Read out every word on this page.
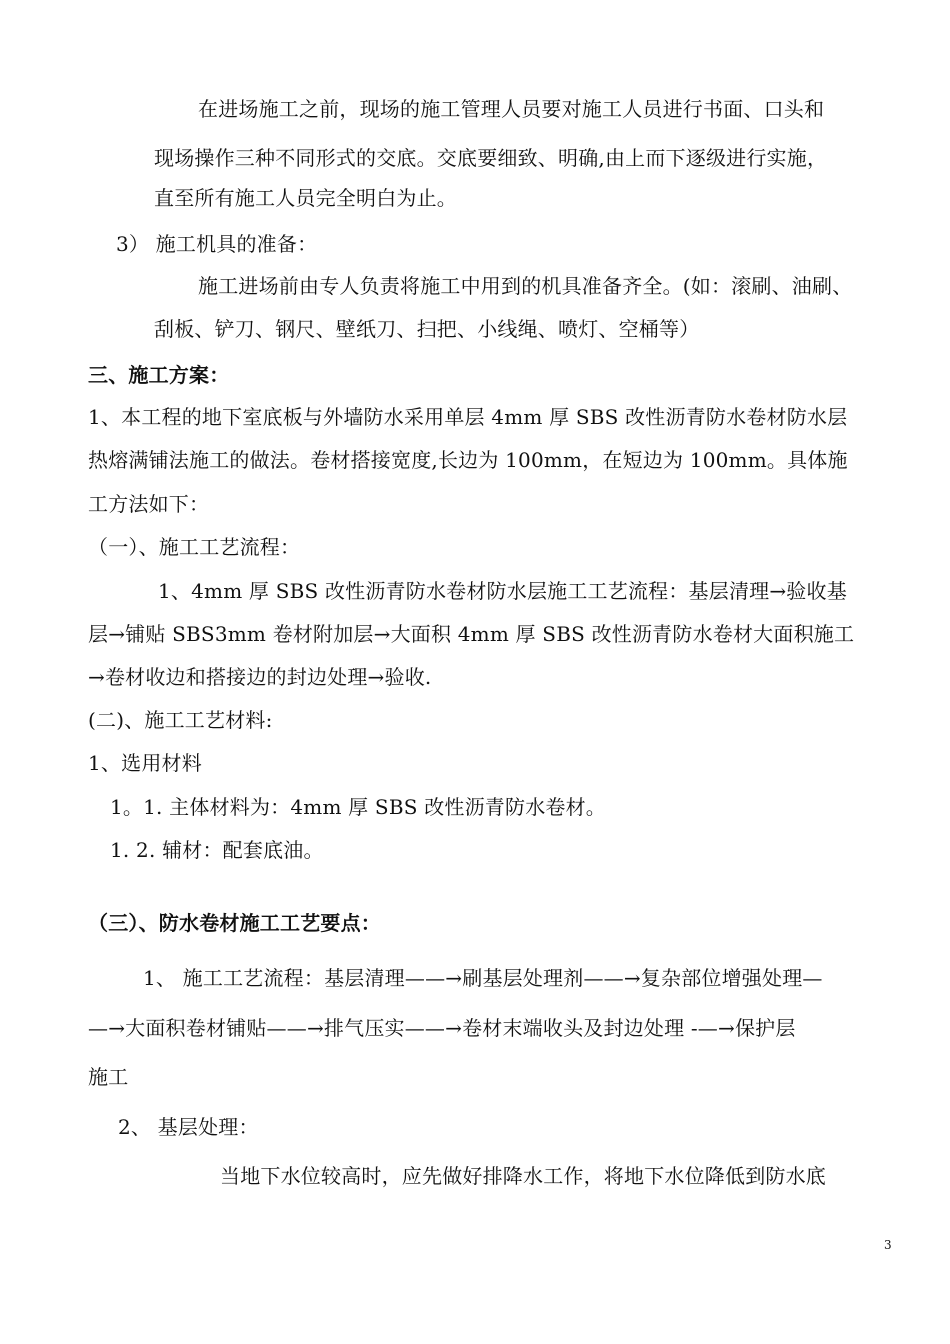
在进场施工之前，现场的施工管理人员要对施工人员进行书面、口头和
现场操作三种不同形式的交底。交底要细致、明确,由上而下逐级进行实施，
直至所有施工人员完全明白为止。
3） 施工机具的准备：
施工进场前由专人负责将施工中用到的机具准备齐全。(如：滚刷、油刷、
刮板、铲刀、钢尺、壁纸刀、扫把、小线绳、喷灯、空桶等）
三、施工方案：
1、本工程的地下室底板与外墙防水采用单层 4mm 厚 SBS 改性沥青防水卷材防水层
热熔满铺法施工的做法。卷材搭接宽度,长边为 100mm，在短边为 100mm。具体施
工方法如下：
（一）、施工工艺流程：
1、4mm 厚 SBS 改性沥青防水卷材防水层施工工艺流程：基层清理→验收基
层→铺贴 SBS3mm 卷材附加层→大面积 4mm 厚 SBS 改性沥青防水卷材大面积施工
→卷材收边和搭接边的封边处理→验收.
(二)、施工工艺材料:
1、选用材料
1。1. 主体材料为：4mm 厚 SBS 改性沥青防水卷材。
1. 2. 辅材：配套底油。
（三）、防水卷材施工工艺要点：
1、 施工工艺流程：基层清理——→刷基层处理剂——→复杂部位增强处理—
—→大面积卷材铺贴——→排气压实——→卷材末端收头及封边处理 -—→保护层
施工
2、 基层处理：
当地下水位较高时，应先做好排降水工作，将地下水位降低到防水底
3
